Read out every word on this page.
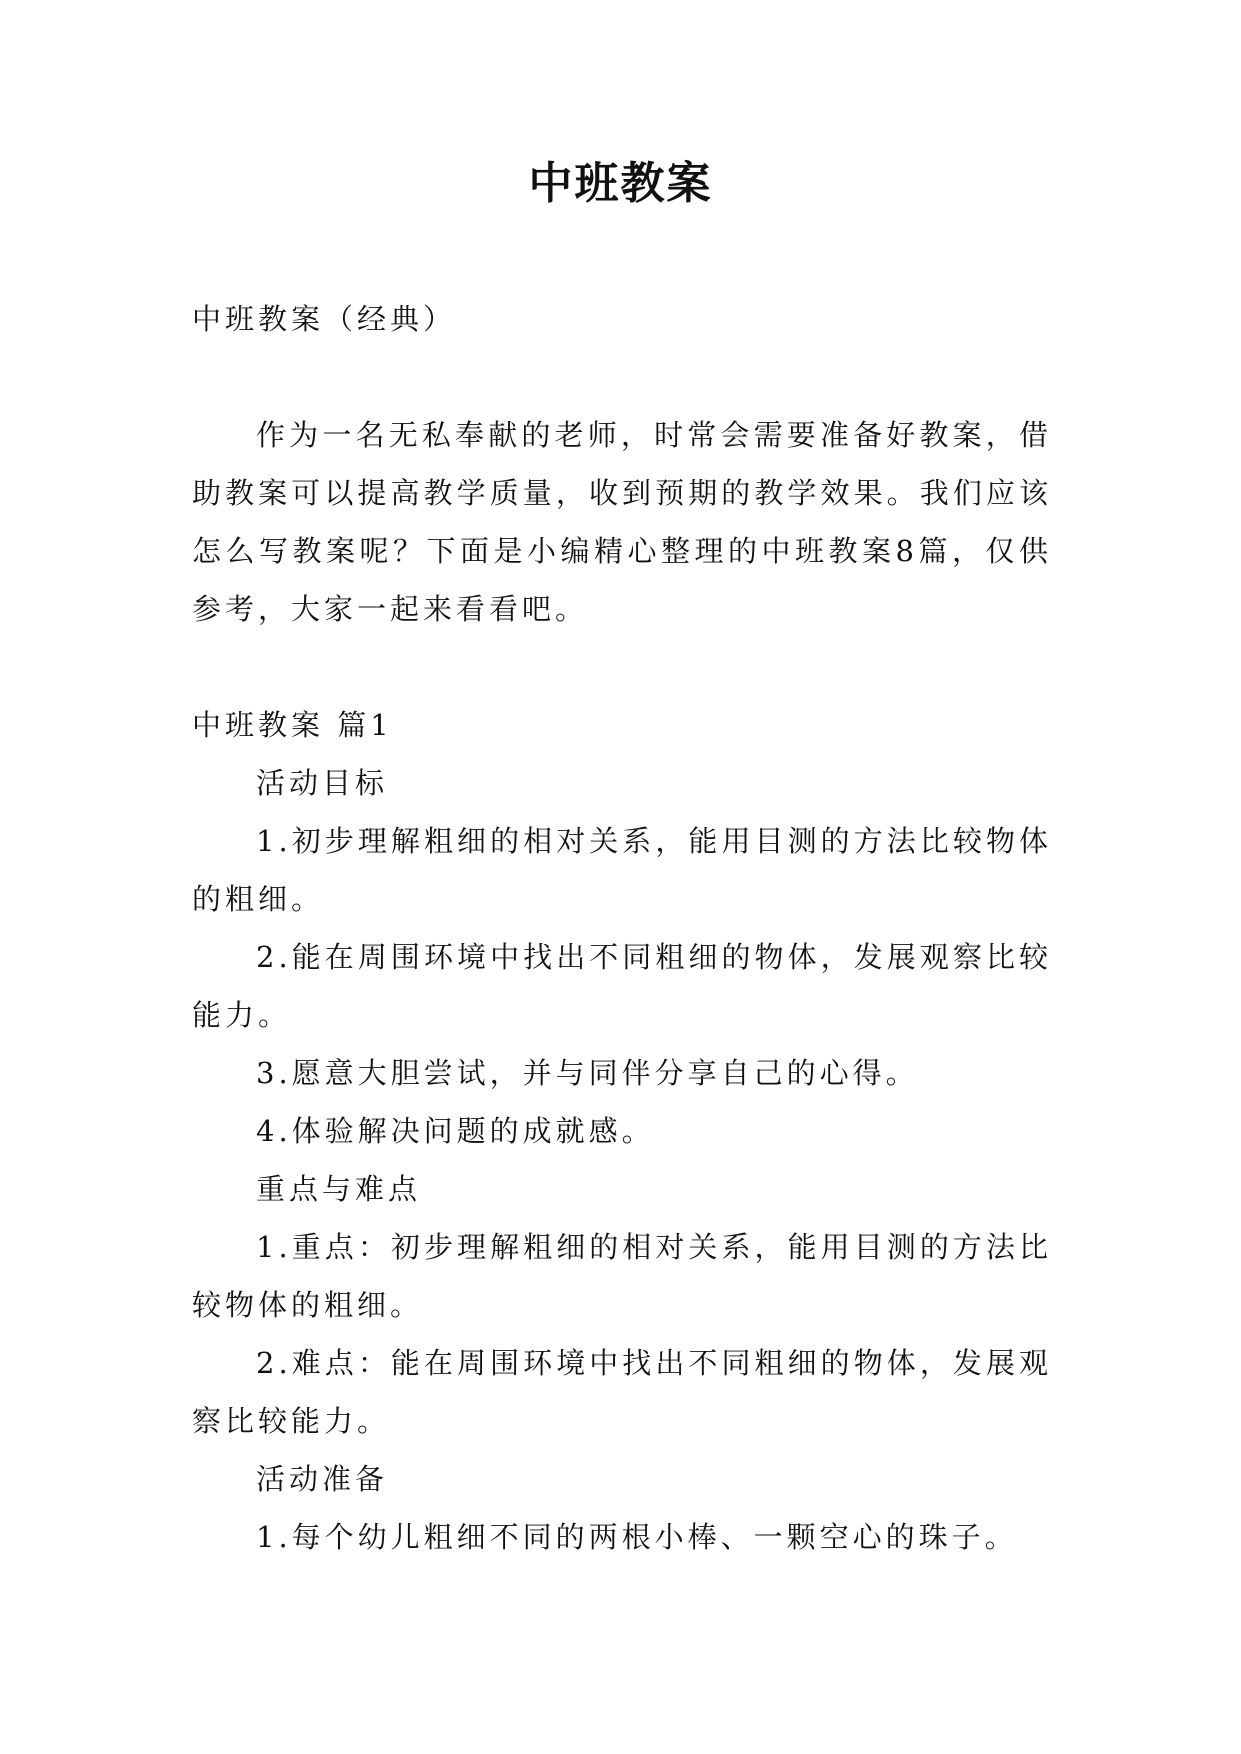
中班教案

中班教案（经典）

作为一名无私奉献的老师，时常会需要准备好教案，借助教案可以提高教学质量，收到预期的教学效果。我们应该怎么写教案呢？下面是小编精心整理的中班教案8篇，仅供参考，大家一起来看看吧。

中班教案 篇1

活动目标

1.初步理解粗细的相对关系，能用目测的方法比较物体的粗细。

2.能在周围环境中找出不同粗细的物体，发展观察比较能力。

3.愿意大胆尝试，并与同伴分享自己的心得。

4.体验解决问题的成就感。

重点与难点

1.重点：初步理解粗细的相对关系，能用目测的方法比较物体的粗细。

2.难点：能在周围环境中找出不同粗细的物体，发展观察比较能力。

活动准备

1.每个幼儿粗细不同的两根小棒、一颗空心的珠子。
